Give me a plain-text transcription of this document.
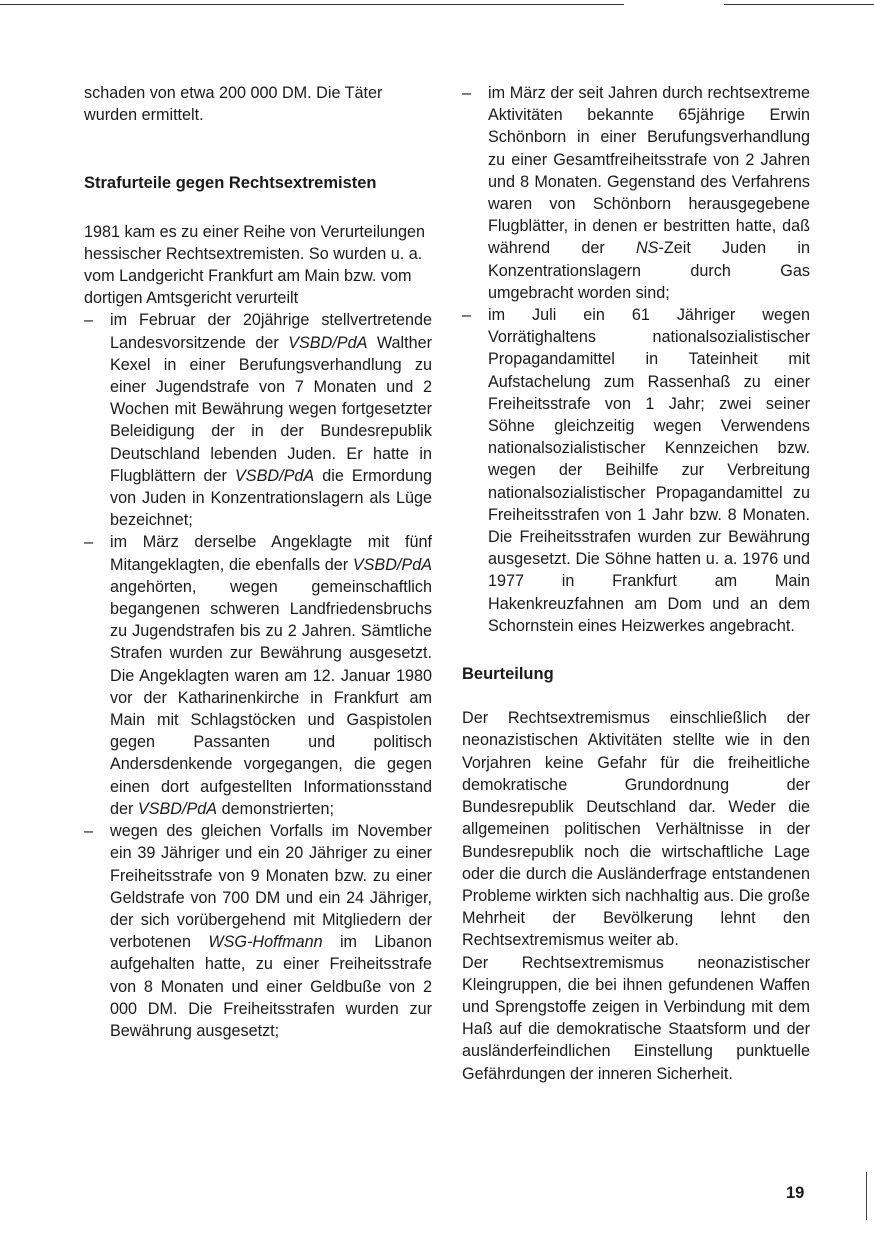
schaden von etwa 200 000 DM. Die Täter wurden ermittelt.

Strafurteile gegen Rechtsextremisten

1981 kam es zu einer Reihe von Verurteilungen hessischer Rechtsextremisten. So wurden u. a. vom Landgericht Frankfurt am Main bzw. vom dortigen Amtsgericht verurteilt

– im Februar der 20jährige stellvertretende Landesvorsitzende der VSBD/PdA Walther Kexel in einer Berufungsverhandlung zu einer Jugendstrafe von 7 Monaten und 2 Wochen mit Bewährung wegen fortgesetzter Beleidigung der in der Bundesrepublik Deutschland lebenden Juden. Er hatte in Flugblättern der VSBD/PdA die Ermordung von Juden in Konzentrationslagern als Lüge bezeichnet;
– im März derselbe Angeklagte mit fünf Mitangeklagten, die ebenfalls der VSBD/PdA angehörten, wegen gemeinschaftlich begangenen schweren Landfriedensbruchs zu Jugendstrafen bis zu 2 Jahren. Sämtliche Strafen wurden zur Bewährung ausgesetzt. Die Angeklagten waren am 12. Januar 1980 vor der Katharinenkirche in Frankfurt am Main mit Schlagstöcken und Gaspistolen gegen Passanten und politisch Andersdenkende vorgegangen, die gegen einen dort aufgestellten Informationsstand der VSBD/PdA demonstrierten;
– wegen des gleichen Vorfalls im November ein 39 Jähriger und ein 20 Jähriger zu einer Freiheitsstrafe von 9 Monaten bzw. zu einer Geldstrafe von 700 DM und ein 24 Jähriger, der sich vorübergehend mit Mitgliedern der verbotenen WSG-Hoffmann im Libanon aufgehalten hatte, zu einer Freiheitsstrafe von 8 Monaten und einer Geldbuße von 2 000 DM. Die Freiheitsstrafen wurden zur Bewährung ausgesetzt;
– im März der seit Jahren durch rechtsextreme Aktivitäten bekannte 65jährige Erwin Schönborn in einer Berufungsverhandlung zu einer Gesamtfreiheitsstrafe von 2 Jahren und 8 Monaten. Gegenstand des Verfahrens waren von Schönborn herausgegebene Flugblätter, in denen er bestritten hatte, daß während der NS-Zeit Juden in Konzentrationslagern durch Gas umgebracht worden sind;
– im Juli ein 61 Jähriger wegen Vorrätighaltens nationalsozialistischer Propagandamittel in Tateinheit mit Aufstachelung zum Rassenhaß zu einer Freiheitsstrafe von 1 Jahr; zwei seiner Söhne gleichzeitig wegen Verwendens nationalsozialistischer Kennzeichen bzw. wegen der Beihilfe zur Verbreitung nationalsozialistischer Propagandamittel zu Freiheitsstrafen von 1 Jahr bzw. 8 Monaten. Die Freiheitsstrafen wurden zur Bewährung ausgesetzt. Die Söhne hatten u. a. 1976 und 1977 in Frankfurt am Main Hakenkreuzfahnen am Dom und an dem Schornstein eines Heizwerkes angebracht.

Beurteilung

Der Rechtsextremismus einschließlich der neonazistischen Aktivitäten stellte wie in den Vorjahren keine Gefahr für die freiheitliche demokratische Grundordnung der Bundesrepublik Deutschland dar. Weder die allgemeinen politischen Verhältnisse in der Bundesrepublik noch die wirtschaftliche Lage oder die durch die Ausländerfrage entstandenen Probleme wirkten sich nachhaltig aus. Die große Mehrheit der Bevölkerung lehnt den Rechtsextremismus weiter ab.

Der Rechtsextremismus neonazistischer Kleingruppen, die bei ihnen gefundenen Waffen und Sprengstoffe zeigen in Verbindung mit dem Haß auf die demokratische Staatsform und der ausländerfeindlichen Einstellung punktuelle Gefährdungen der inneren Sicherheit.

19
